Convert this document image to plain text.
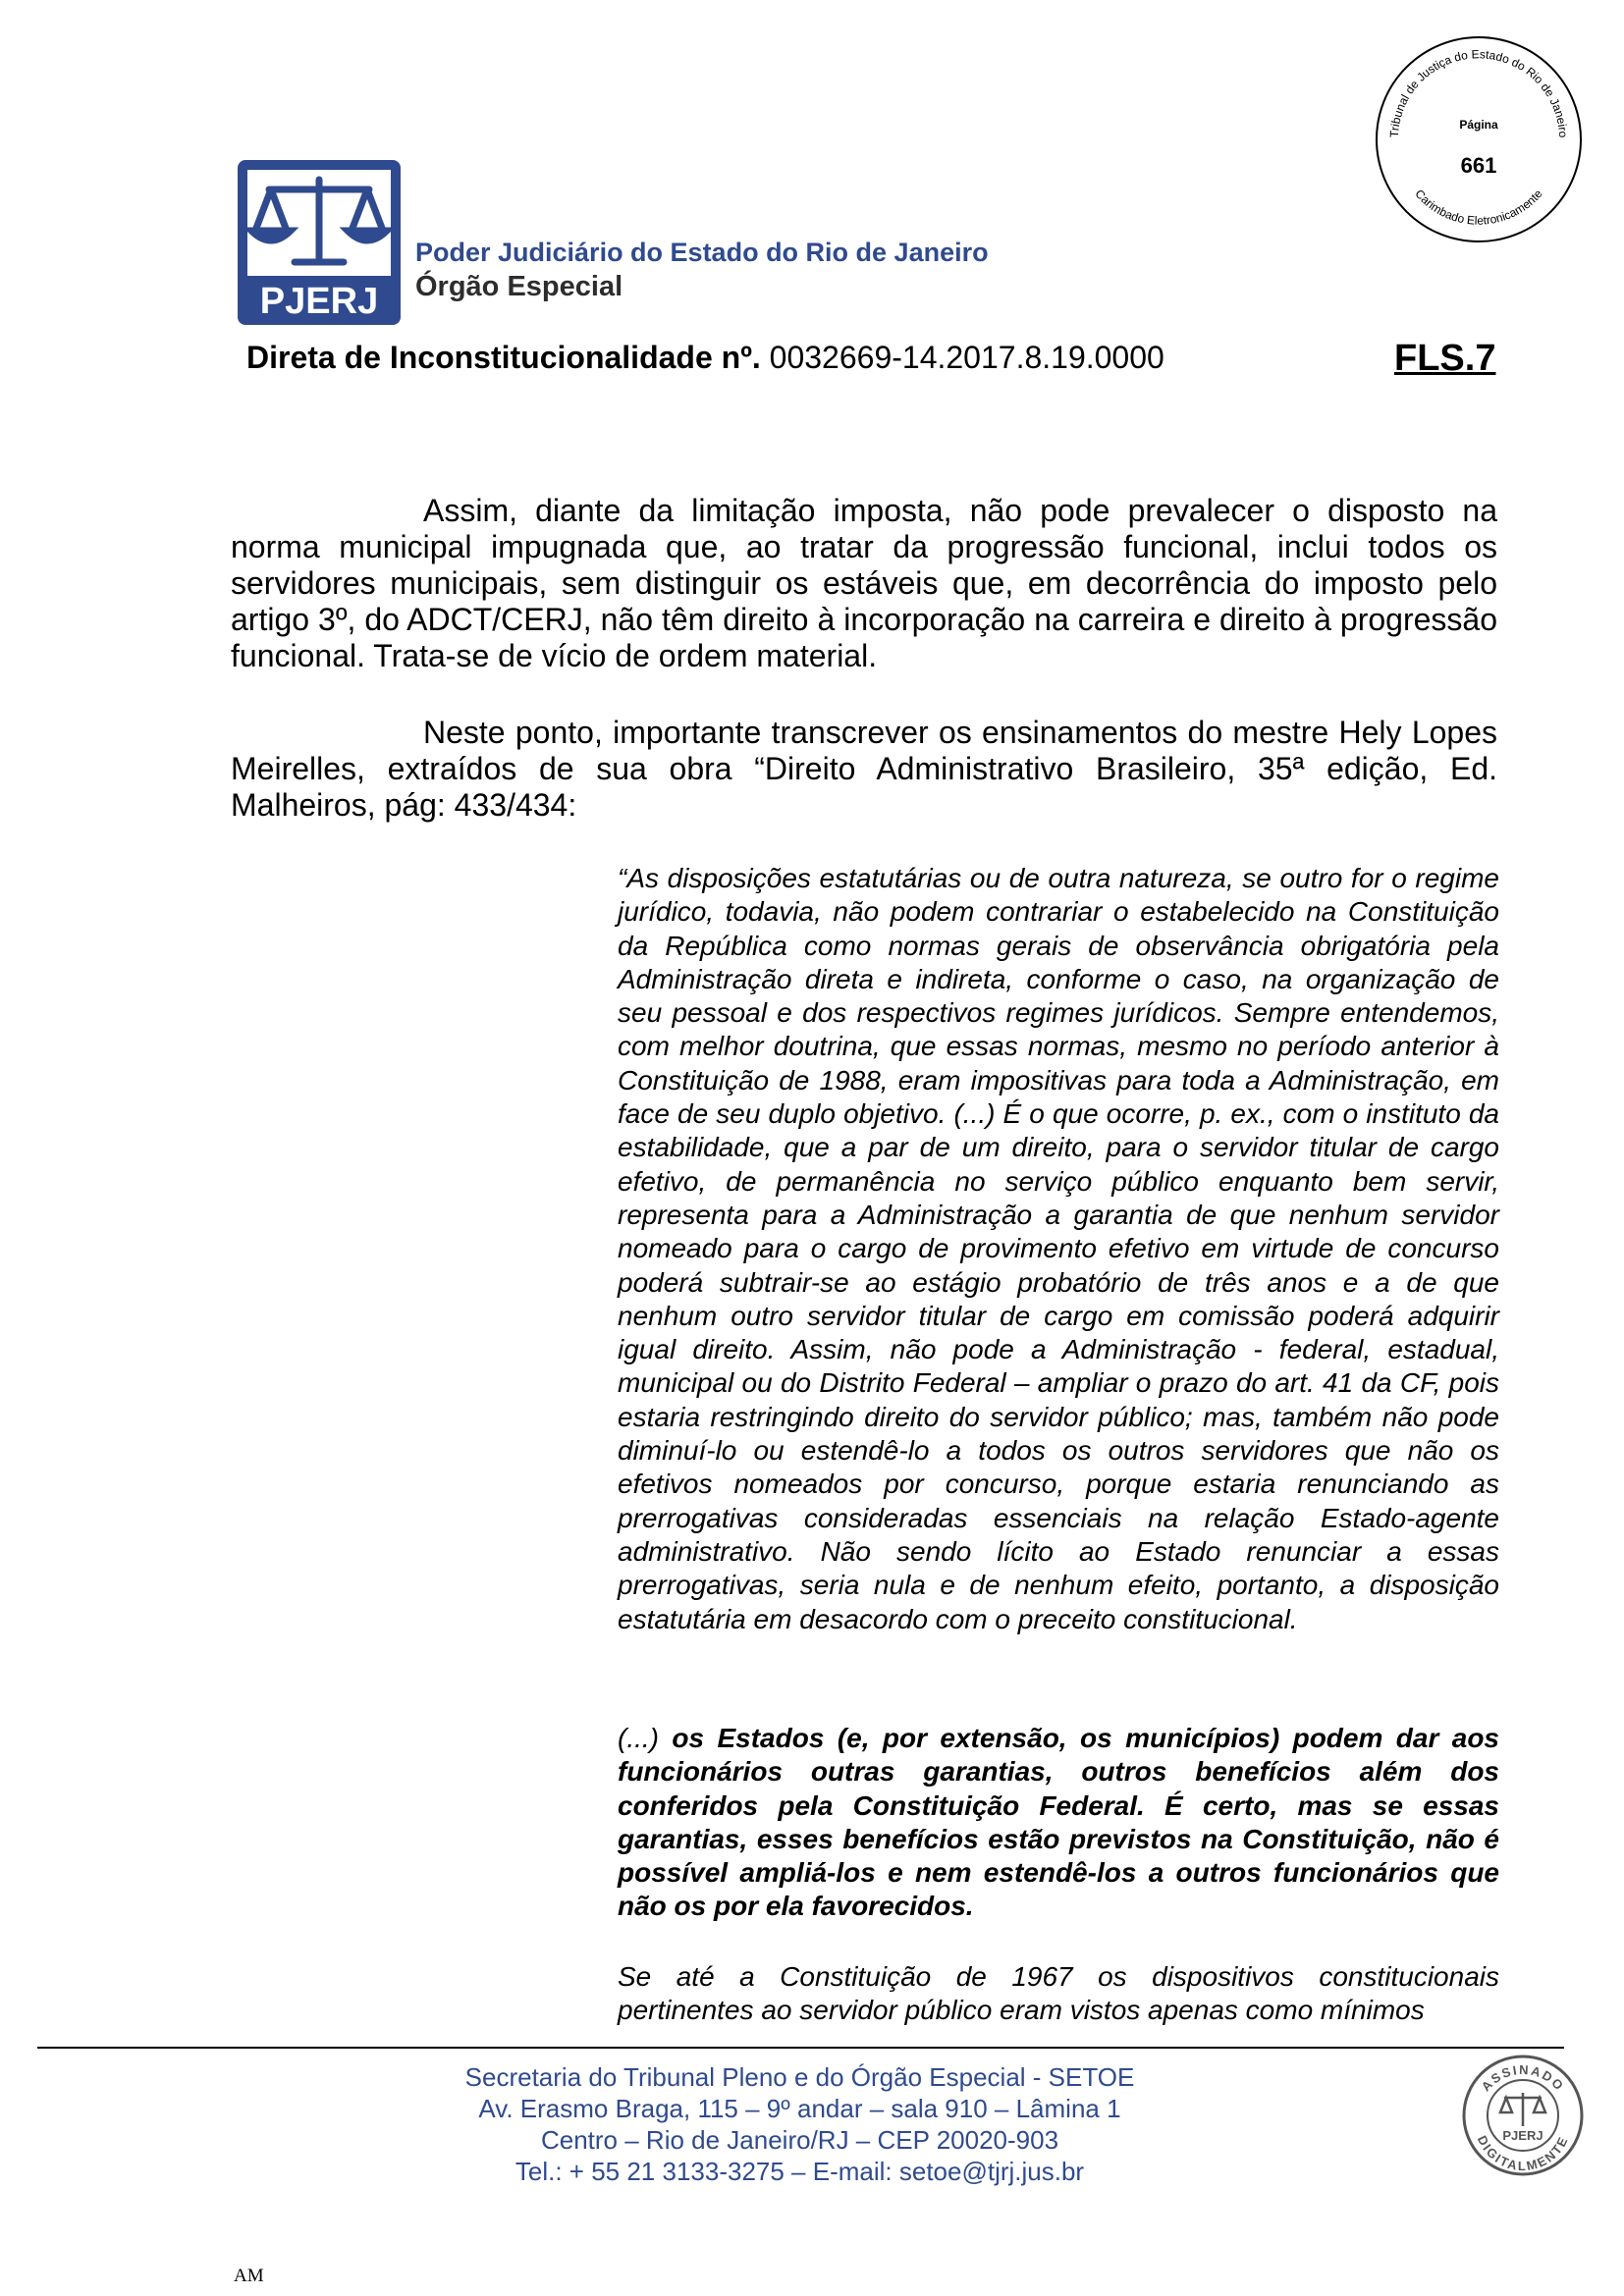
Tribunal de Justiça do Estado do Rio de Janeiro
Carimbado Eletronicamente
Página
661
PJERJ
Poder Judiciário do Estado do Rio de Janeiro
Órgão Especial
Direta de Inconstitucionalidade nº. 0032669-14.2017.8.19.0000	FLS.7

Assim, diante da limitação imposta, não pode prevalecer o disposto na norma municipal impugnada que, ao tratar da progressão funcional, inclui todos os servidores municipais, sem distinguir os estáveis que, em decorrência do imposto pelo artigo 3º, do ADCT/CERJ, não têm direito à incorporação na carreira e direito à progressão funcional. Trata-se de vício de ordem material.

Neste ponto, importante transcrever os ensinamentos do mestre Hely Lopes Meirelles, extraídos de sua obra “Direito Administrativo Brasileiro, 35ª edição, Ed. Malheiros, pág: 433/434:

“As disposições estatutárias ou de outra natureza, se outro for o regime jurídico, todavia, não podem contrariar o estabelecido na Constituição da República como normas gerais de observância obrigatória pela Administração direta e indireta, conforme o caso, na organização de seu pessoal e dos respectivos regimes jurídicos. Sempre entendemos, com melhor doutrina, que essas normas, mesmo no período anterior à Constituição de 1988, eram impositivas para toda a Administração, em face de seu duplo objetivo. (...) É o que ocorre, p. ex., com o instituto da estabilidade, que a par de um direito, para o servidor titular de cargo efetivo, de permanência no serviço público enquanto bem servir, representa para a Administração a garantia de que nenhum servidor nomeado para o cargo de provimento efetivo em virtude de concurso poderá subtrair-se ao estágio probatório de três anos e a de que nenhum outro servidor titular de cargo em comissão poderá adquirir igual direito. Assim, não pode a Administração - federal, estadual, municipal ou do Distrito Federal – ampliar o prazo do art. 41 da CF, pois estaria restringindo direito do servidor público; mas, também não pode diminuí-lo ou estendê-lo a todos os outros servidores que não os efetivos nomeados por concurso, porque estaria renunciando as prerrogativas consideradas essenciais na relação Estado-agente administrativo. Não sendo lícito ao Estado renunciar a essas prerrogativas, seria nula e de nenhum efeito, portanto, a disposição estatutária em desacordo com o preceito constitucional.

(...) os Estados (e, por extensão, os municípios) podem dar aos funcionários outras garantias, outros benefícios além dos conferidos pela Constituição Federal. É certo, mas se essas garantias, esses benefícios estão previstos na Constituição, não é possível ampliá-los e nem estendê-los a outros funcionários que não os por ela favorecidos.

Se até a Constituição de 1967 os dispositivos constitucionais pertinentes ao servidor público eram vistos apenas como mínimos

Secretaria do Tribunal Pleno e do Órgão Especial - SETOE
Av. Erasmo Braga, 115 – 9º andar – sala 910 – Lâmina 1
Centro – Rio de Janeiro/RJ – CEP 20020-903
Tel.: + 55 21 3133-3275 – E-mail: setoe@tjrj.jus.br
ASSINADO
DIGITALMENTE
PJERJ
AM
